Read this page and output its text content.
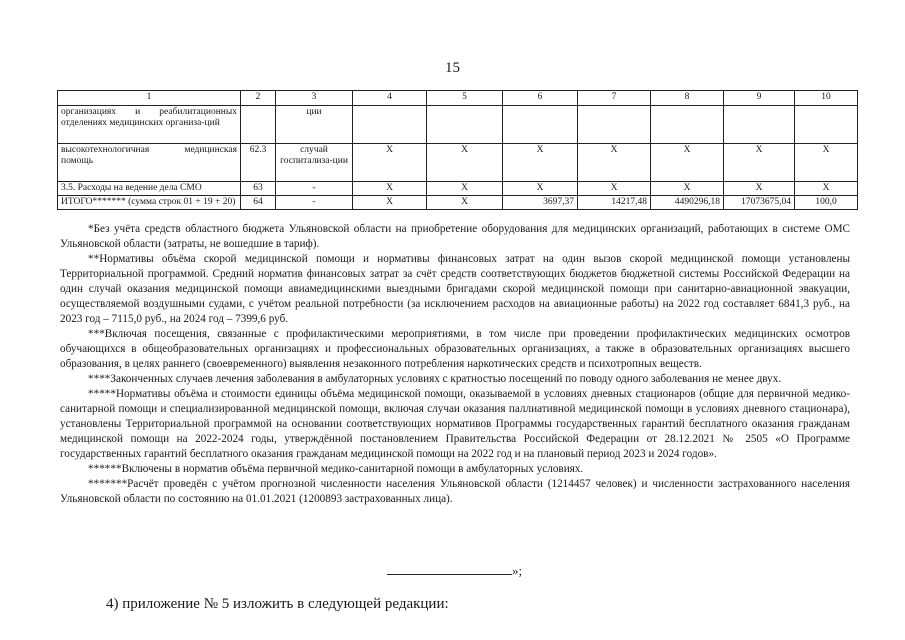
15
1	2	3	4	5	6	7	8	9	10
организациях и реабилитационных отделениях медицинских организа-ций		ции							
высокотехнологичная медицинская помощь	62.3	случай госпитализа-ции	Х	Х	Х	Х	Х	Х	Х
3.5. Расходы на ведение дела СМО	63	-	Х	Х	Х	Х	Х	Х	Х
ИТОГО******* (сумма строк 01 + 19 + 20)	64	-	Х	Х	3697,37	14217,48	4490296,18	17073675,04	100,0

*Без учёта средств областного бюджета Ульяновской области на приобретение оборудования для медицинских организаций, работающих в системе ОМС Ульяновской области (затраты, не вошедшие в тариф).

**Нормативы объёма скорой медицинской помощи и нормативы финансовых затрат на один вызов скорой медицинской помощи установлены Территориальной программой. Средний норматив финансовых затрат за счёт средств соответствующих бюджетов бюджетной системы Российской Федерации на один случай оказания медицинской помощи авиамедицинскими выездными бригадами скорой медицинской помощи при санитарно-авиационной эвакуации, осуществляемой воздушными судами, с учётом реальной потребности (за исключением расходов на авиационные работы) на 2022 год составляет 6841,3 руб., на 2023 год – 7115,0 руб., на 2024 год – 7399,6 руб.

***Включая посещения, связанные с профилактическими мероприятиями, в том числе при проведении профилактических медицинских осмотров обучающихся в общеобразовательных организациях и профессиональных образовательных организациях, а также в образовательных организациях высшего образования, в целях раннего (своевременного) выявления незаконного потребления наркотических средств и психотропных веществ.

****Законченных случаев лечения заболевания в амбулаторных условиях с кратностью посещений по поводу одного заболевания не менее двух.

*****Нормативы объёма и стоимости единицы объёма медицинской помощи, оказываемой в условиях дневных стационаров (общие для первичной медико-санитарной помощи и специализированной медицинской помощи, включая случаи оказания паллиативной медицинской помощи в условиях дневного стационара), установлены Территориальной программой на основании соответствующих нормативов Программы государственных гарантий бесплатного оказания гражданам медицинской помощи на 2022-2024 годы, утверждённой постановлением Правительства Российской Федерации от 28.12.2021 № 2505 «О Программе государственных гарантий бесплатного оказания гражданам медицинской помощи на 2022 год и на плановый период 2023 и 2024 годов».

******Включены в норматив объёма первичной медико-санитарной помощи в амбулаторных условиях.

*******Расчёт проведён с учётом прогнозной численности населения Ульяновской области (1214457 человек) и численности застрахованного населения Ульяновской области по состоянию на 01.01.2021 (1200893 застрахованных лица).

»;
4) приложение № 5 изложить в следующей редакции:
